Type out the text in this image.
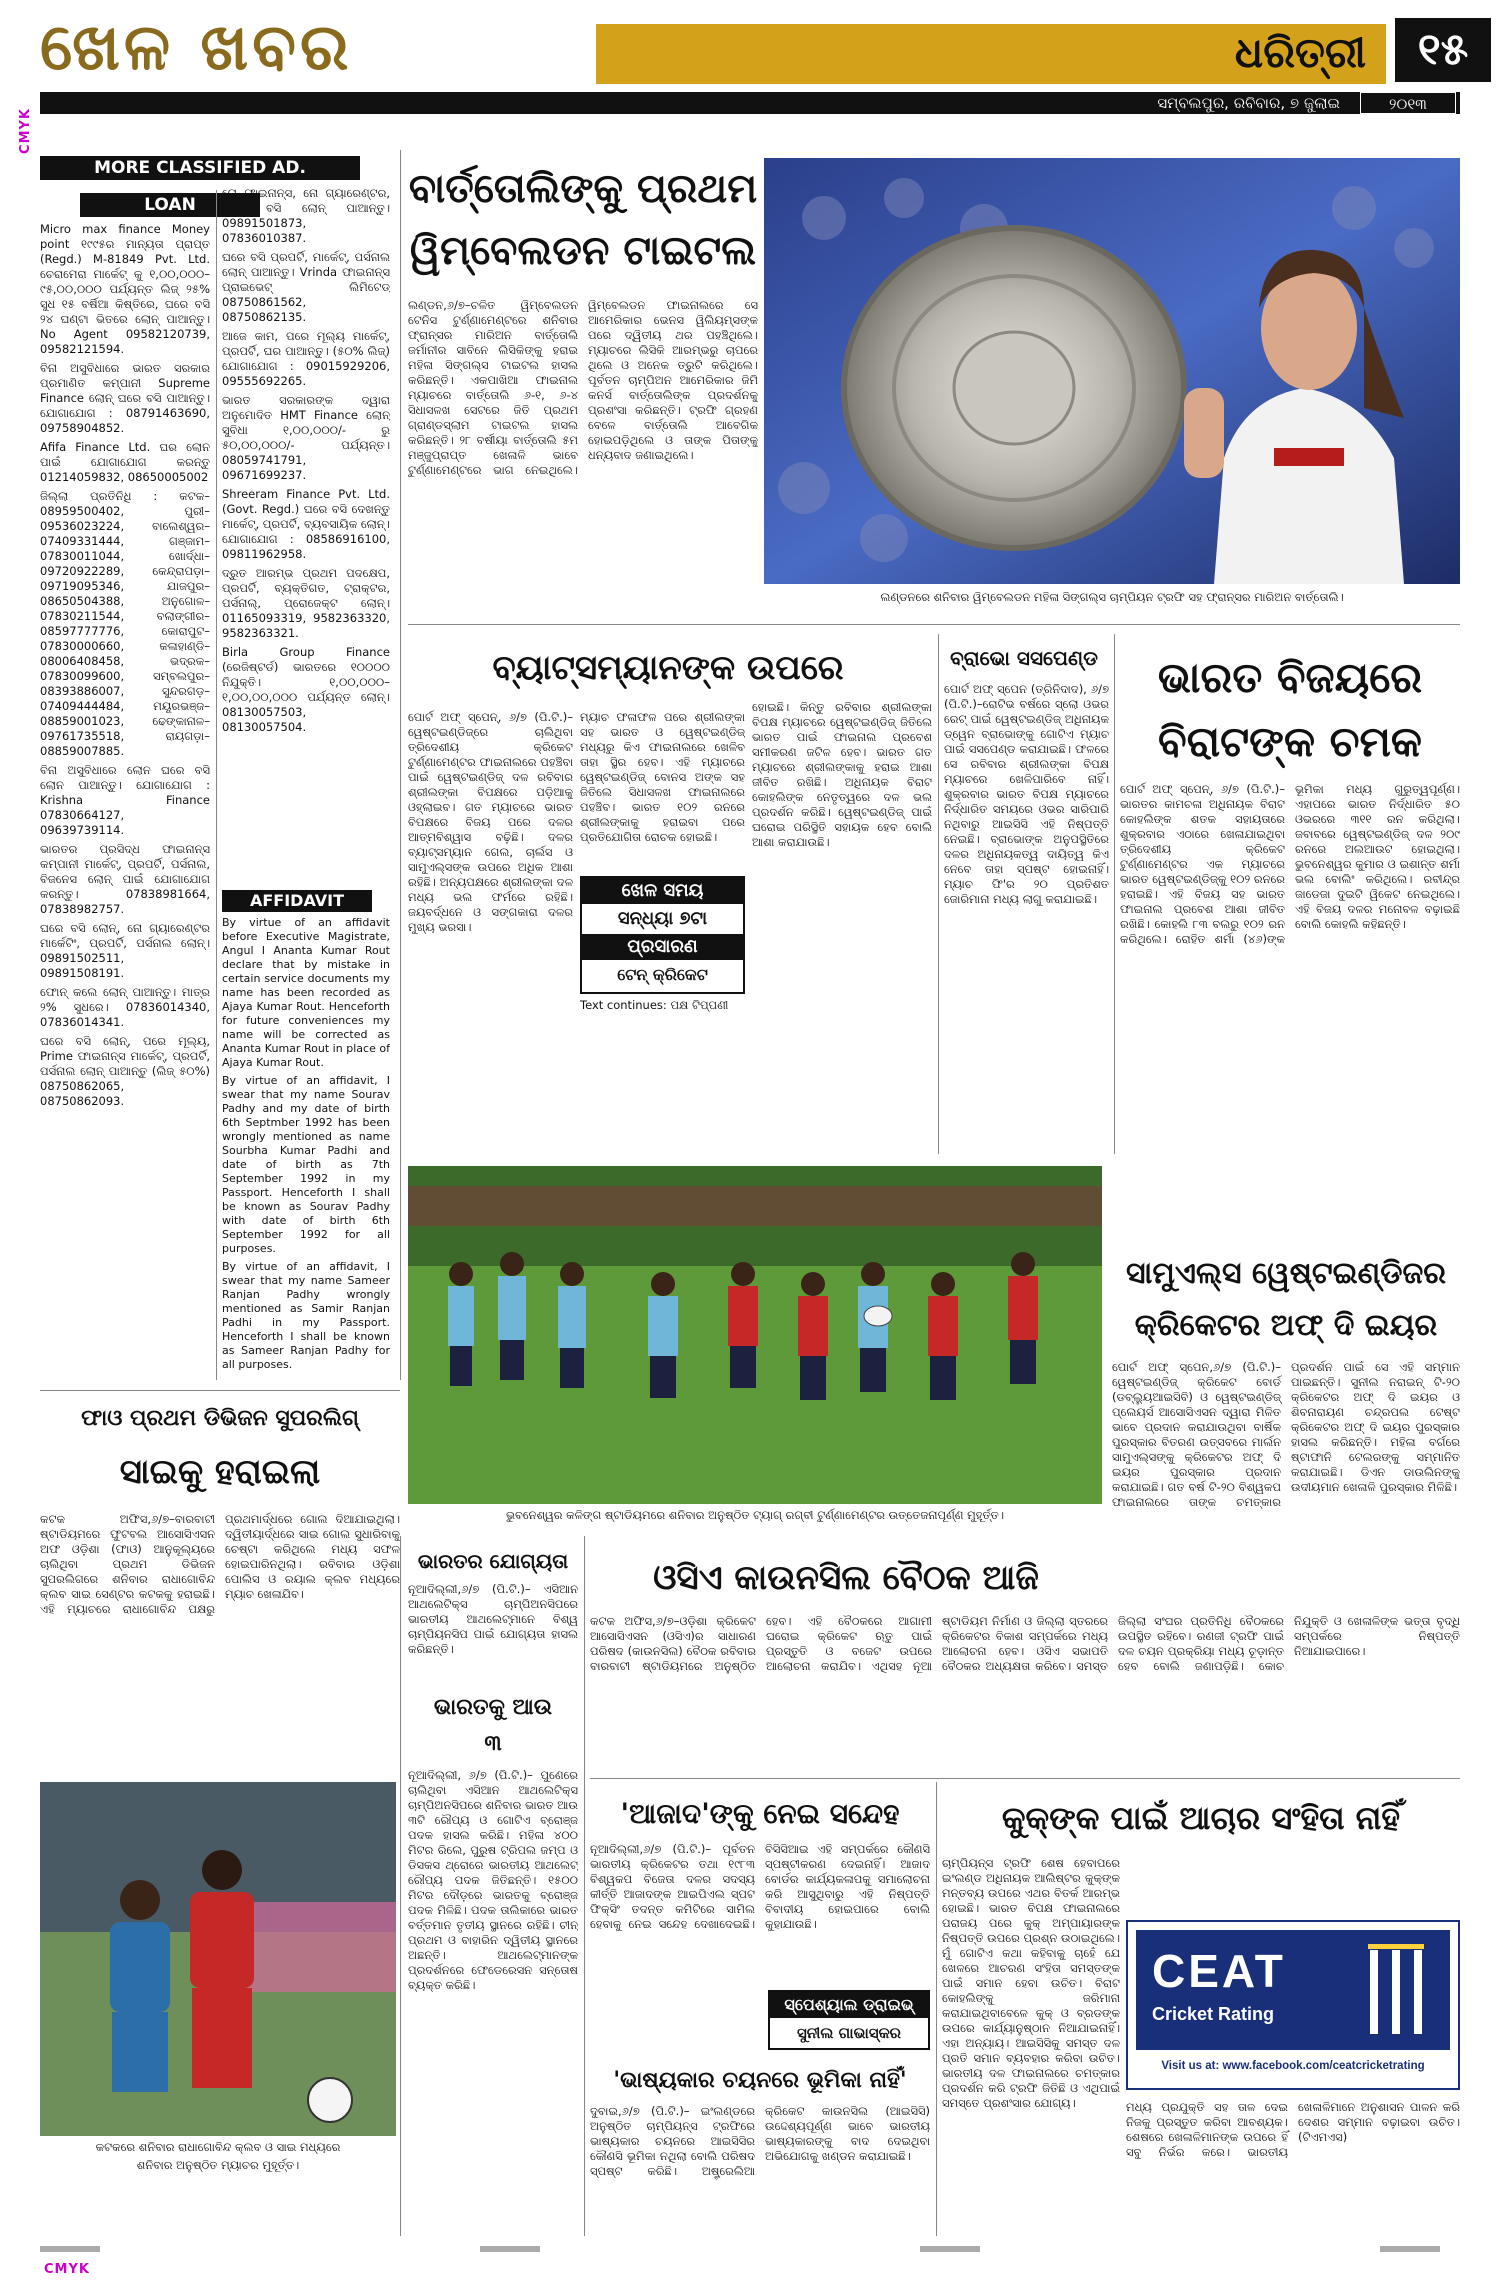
CMYK
ଖେଳ ଖବର	ଧରିତ୍ରୀ	୧୫
ସମ୍ବଲପୁର, ରବିବାର, ୭ ଜୁଲାଇ	୨୦୧୩
MORE CLASSIFIED AD.
LOAN

Micro max finance Money point ୧୯୯୫ର ମାନ୍ୟତା ପ୍ରାପ୍ତ (Regd.) M-81849 Pvt. Ltd. ଚେରାମେରା ମାର୍କେଟ୍ କୁ ୧,୦୦,୦୦୦– ୯୫,୦୦,୦୦୦ ପର୍ଯ୍ୟନ୍ତ ଲିଜ୍ ୨୫% ସୁଧ ୧୫ ବର୍ଷିଆ କିଷ୍ତିରେ, ଘରେ ବସି ୨୪ ଘଣ୍ଟା ଭିତରେ ଲୋନ୍ ପାଆନ୍ତୁ। No Agent 09582120739, 09582121594.

ବିନା ଅସୁବିଧାରେ ଭାରତ ସରକାର ପ୍ରମାଣିତ କମ୍ପାନୀ Supreme Finance ଲୋନ୍ ଘରେ ବସି ପାଆନ୍ତୁ। ଯୋଗାଯୋଗ : 08791463690, 09758904852.

Afifa Finance Ltd. ଘର ଲୋନ ପାଇଁ ଯୋଗାଯୋଗ କରନ୍ତୁ 01214059832, 08650005002

ଜିଲ୍ଲା ପ୍ରତିନିଧି : କଟକ–08959500402, ପୁରୀ–09536023224, ବାଲେଶ୍ୱର–07409331444, ଗଞ୍ଜାମ–07830011044, ଖୋର୍ଦ୍ଧା–09720922289, କେନ୍ଦ୍ରାପଡ଼ା–09719095346, ଯାଜପୁର–08650504388, ଅନୁଗୋଳ–07830211544, ବଲାଙ୍ଗୀର–08597777776, କୋରାପୁଟ–07830000660, କଳାହାଣ୍ଡି–08006408458, ଭଦ୍ରକ–07830099600, ସମ୍ବଲପୁର–08393886007, ସୁନ୍ଦରଗଡ଼–07409444484, ମୟୂରଭଞ୍ଜ–08859001023, ଢେଙ୍କାନାଳ–09761735518, ରାୟଗଡ଼ା–08859007885.

ବିନା ଅସୁବିଧାରେ ଲୋନ ଘରେ ବସି ଲୋନ ପାଆନ୍ତୁ। ଯୋଗାଯୋଗ : Krishna Finance 07830664127, 09639739114.

ଭାରତର ପ୍ରସିଦ୍ଧ ଫାଇନାନ୍ସ କମ୍ପାନୀ ମାର୍କେଟ୍, ପ୍ରପର୍ଟି, ପର୍ସନାଲ, ବିଜନେସ ଲୋନ୍ ପାଇଁ ଯୋଗାଯୋଗ କରନ୍ତୁ। 07838981664, 07838982757.

ଘରେ ବସି ଲୋନ୍, ନୋ ଗ୍ୟାରେଣ୍ଟର ମାର୍କେଟିଂ, ପ୍ରପର୍ଟି, ପର୍ସନାଲ ଲୋନ୍। 09891502511, 09891508191.

ଫୋନ୍ କଲେ ଲୋନ୍ ପାଆନ୍ତୁ। ମାତ୍ର ୨% ସୁଧରେ। 07836014340, 07836014341.

ଘରେ ବସି ଲୋନ୍, ପରେ ମୂଲ୍ୟ, Prime ଫାଇନାନ୍ସ ମାର୍କେଟ୍, ପ୍ରପର୍ଟି, ପର୍ସନାଲ ଲୋନ୍ ପାଆନ୍ତୁ (ଲିଜ୍ ୫୦%) 08750862065, 08750862093.

ନୋ ଫାଇନାନ୍ସ, ନୋ ଗ୍ୟାରେଣ୍ଟର, ଘରେ ବସି ଲୋନ୍ ପାଆନ୍ତୁ। 09891501873, 07836010387.

ଘରେ ବସି ପ୍ରପର୍ଟି, ମାର୍କେଟ୍, ପର୍ସନାଲ ଲୋନ୍ ପାଆନ୍ତୁ। Vrinda ଫାଇନାନ୍ସ ପ୍ରାଇଭେଟ୍ ଲିମିଟେଡ୍ 08750861562, 08750862135.

ଆଜେ କାମ, ପରେ ମୂଲ୍ୟ ମାର୍କେଟ୍, ପ୍ରପର୍ଟି, ଘର ପାଆନ୍ତୁ। (୫୦% ଲିଜ୍) ଯୋଗାଯୋଗ : 09015929206, 09555692265.

ଭାରତ ସରକାରଙ୍କ ଦ୍ୱାରା ଅନୁମୋଦିତ HMT Finance ଲୋନ୍ ସୁବିଧା ୧,୦୦,୦୦୦/- ରୁ ୫୦,୦୦,୦୦୦/- ପର୍ଯ୍ୟନ୍ତ। 08059741791, 09671699237.

Shreeram Finance Pvt. Ltd. (Govt. Regd.) ଘରେ ବସି ଦେଖନ୍ତୁ ମାର୍କେଟ୍, ପ୍ରପର୍ଟି, ବ୍ୟବସାୟିକ ଲୋନ୍। ଯୋଗାଯୋଗ : 08586916100, 09811962958.

ଦ୍ରୁତ ଆରମ୍ଭ ପ୍ରଥମ ପଦକ୍ଷେପ, ପ୍ରପର୍ଟି, ବ୍ୟକ୍ତିଗତ, ଟ୍ରାକ୍ଟର, ପର୍ସନାଲ୍, ପ୍ରୋଜେକ୍ଟ ଲୋନ୍। 01165093319, 9582363320, 9582363321.

Birla Group Finance (ରେଜିଷ୍ଟର୍ଡ) ଭାରତରେ ୧୦୦୦୦ ନିଯୁକ୍ତି। ୧,୦୦,୦୦୦–୧,୦୦,୦୦,୦୦୦ ପର୍ଯ୍ୟନ୍ତ ଲୋନ୍। 08130057503, 08130057504.

AFFIDAVIT

By virtue of an affidavit before Executive Magistrate, Angul I Ananta Kumar Rout declare that by mistake in certain service documents my name has been recorded as Ajaya Kumar Rout. Henceforth for future conveniences my name will be corrected as Ananta Kumar Rout in place of Ajaya Kumar Rout.

By virtue of an affidavit, I swear that my name Sourav Padhy and my date of birth 6th Septmber 1992 has been wrongly mentioned as name Sourbha Kumar Padhi and date of birth as 7th September 1992 in my Passport. Henceforth I shall be known as Sourav Padhy with date of birth 6th September 1992 for all purposes.

By virtue of an affidavit, I swear that my name Sameer Ranjan Padhy wrongly mentioned as Samir Ranjan Padhi in my Passport. Henceforth I shall be known as Sameer Ranjan Padhy for all purposes.

ବାର୍ତ୍ତୋଲିଙ୍କୁ ପ୍ରଥମ
ୱିମ୍ବେଲଡନ ଟାଇଟଲ
ଲଣ୍ଡନ,୬/୭–ଚଳିତ ୱିମ୍ବେଲଡନ ଟେନିସ ଟୁର୍ଣ୍ଣାମେଣ୍ଟରେ ଶନିବାର ଫ୍ରାନ୍ସର ମାରିଅନ ବାର୍ତ୍ତୋଲି ଜର୍ମାନୀର ସାବିନେ ଲିସିକିଙ୍କୁ ହରାଇ ମହିଳା ସିଙ୍ଗଲ୍ସ ଟାଇଟଲ ହାସଲ କରିଛନ୍ତି। ଏକପାଖିଆ ଫାଇନାଲ ମ୍ୟାଚରେ ବାର୍ତ୍ତୋଲି ୬-୧, ୬-୪ ସିଧାସଳଖ ସେଟରେ ଜିତି ପ୍ରଥମ ଗ୍ରାଣ୍ଡସ୍ଲାମ ଟାଇଟଲ ହାସଲ କରିଛନ୍ତି। ୨୮ ବର୍ଷୀୟା ବାର୍ତ୍ତୋଲି ୫ମ ମଞ୍ଜୁପ୍ରାପ୍ତ ଖେଳାଳି ଭାବେ ଟୁର୍ଣ୍ଣାମେଣ୍ଟରେ ଭାଗ ନେଇଥିଲେ। ୱିମ୍ବେଲଡନ ଫାଇନାଲରେ ସେ ଆମେରିକାର ଭେନସ ୱିଲିୟମ୍ସଙ୍କ ପରେ ଦ୍ୱିତୀୟ ଥର ପହଞ୍ଚିଥିଲେ। ମ୍ୟାଚରେ ଲିସିକି ଆରମ୍ଭରୁ ଚାପରେ ଥିଲେ ଓ ଅନେକ ତ୍ରୁଟି କରିଥିଲେ। ପୂର୍ବତନ ଚାମ୍ପିଅନ ଆମେରିକାର ଜିମି କନର୍ସ ବାର୍ତ୍ତୋଲିଙ୍କ ପ୍ରଦର୍ଶନକୁ ପ୍ରଶଂସା କରିଛନ୍ତି। ଟ୍ରଫି ଗ୍ରହଣ ବେଳେ ବାର୍ତ୍ତୋଲି ଆବେଗିକ ହୋଇପଡ଼ିଥିଲେ ଓ ତାଙ୍କ ପିତାଙ୍କୁ ଧନ୍ୟବାଦ ଜଣାଇଥିଲେ।
ଲଣ୍ଡନରେ ଶନିବାର ୱିମ୍ବେଲଡନ ମହିଳା ସିଙ୍ଗଲ୍ସ ଚାମ୍ପିୟନ ଟ୍ରଫି ସହ ଫ୍ରାନ୍ସର ମାରିଅନ ବାର୍ତ୍ତୋଲି।
ବ୍ୟାଟ୍ସମ୍ୟାନଙ୍କ ଉପରେ
ପୋର୍ଟ ଅଫ୍ ସ୍ପେନ୍, ୬/୭ (ପି.ଟି.)– ୱେଷ୍ଟଇଣ୍ଡିଜ୍‌ରେ ଚାଲିଥିବା ତ୍ରିଦେଶୀୟ କ୍ରିକେଟ ଟୁର୍ଣ୍ଣାମେଣ୍ଟର ଫାଇନାଲରେ ପହଞ୍ଚିବା ପାଇଁ ୱେଷ୍ଟଇଣ୍ଡିଜ୍ ଦଳ ରବିବାର ଶ୍ରୀଲଙ୍କା ବିପକ୍ଷରେ ପଡ଼ିଆକୁ ଓହ୍ଲାଇବ। ଗତ ମ୍ୟାଚରେ ଭାରତ ବିପକ୍ଷରେ ବିଜୟ ପରେ ଦଳର ଆତ୍ମବିଶ୍ୱାସ ବଢ଼ିଛି। ଦଳର ବ୍ୟାଟ୍ସମ୍ୟାନ ଗେଲ, ଚାର୍ଲସ ଓ ସାମୁଏଲ୍ସଙ୍କ ଉପରେ ଅଧିକ ଆଶା ରହିଛି। ଅନ୍ୟପକ୍ଷରେ ଶ୍ରୀଲଙ୍କା ଦଳ ମଧ୍ୟ ଭଲ ଫର୍ମରେ ରହିଛି। ଜୟବର୍ଦ୍ଧନେ ଓ ସଙ୍ଗକାରା ଦଳର ମୁଖ୍ୟ ଭରସା।
ମ୍ୟାଚ ଫଳାଫଳ ପରେ ଶ୍ରୀଲଙ୍କା ସହ ଭାରତ ଓ ୱେଷ୍ଟଇଣ୍ଡିଜ୍ ମଧ୍ୟରୁ କିଏ ଫାଇନାଲରେ ଖେଳିବ ତାହା ସ୍ଥିର ହେବ। ଏହି ମ୍ୟାଚରେ ୱେଷ୍ଟଇଣ୍ଡିଜ୍ ବୋନସ ଅଙ୍କ ସହ ଜିତିଲେ ସିଧାସଳଖ ଫାଇନାଲରେ ପହଞ୍ଚିବ। ଭାରତ ୧୦୨ ରନରେ ଶ୍ରୀଲଙ୍କାକୁ ହରାଇବା ପରେ ପ୍ରତିଯୋଗିତା ରୋଚକ ହୋଇଛି।
ଖେଳ ସମୟ
ସନ୍ଧ୍ୟା ୭ଟା
ପ୍ରସାରଣ
ଟେନ୍ କ୍ରିକେଟ
Text continues: ପକ୍ଷ ଟିପ୍ପଣୀ
ହୋଇଛି। କିନ୍ତୁ ରବିବାର ଶ୍ରୀଲଙ୍କା ବିପକ୍ଷ ମ୍ୟାଚରେ ୱେଷ୍ଟଇଣ୍ଡିଜ୍ ଜିତିଲେ ଭାରତ ପାଇଁ ଫାଇନାଲ ପ୍ରବେଶ ସମୀକରଣ ଜଟିଳ ହେବ। ଭାରତ ଗତ ମ୍ୟାଚରେ ଶ୍ରୀଲଙ୍କାକୁ ହରାଇ ଆଶା ଜୀବିତ ରଖିଛି। ଅଧିନାୟକ ବିରାଟ କୋହଲିଙ୍କ ନେତୃତ୍ୱରେ ଦଳ ଭଲ ପ୍ରଦର୍ଶନ କରିଛି। ୱେଷ୍ଟଇଣ୍ଡିଜ୍ ପାଇଁ ଘରୋଇ ପରିସ୍ଥିତି ସହାୟକ ହେବ ବୋଲି ଆଶା କରାଯାଉଛି।
ବ୍ରାଭୋ ସସପେଣ୍ଡ
ପୋର୍ଟ ଅଫ୍ ସ୍ପେନ (ତ୍ରିନିଦାଦ), ୬/୭ (ପି.ଟି.)–ରୋଟିଭ ବର୍ଷରେ ସ୍ଲୋ ଓଭର ରେଟ୍ ପାଇଁ ୱେଷ୍ଟଇଣ୍ଡିଜ୍ ଅଧିନାୟକ ଡ୍ୱେନ ବ୍ରାଭୋଙ୍କୁ ଗୋଟିଏ ମ୍ୟାଚ ପାଇଁ ସସପେଣ୍ଡ କରାଯାଇଛି। ଫଳରେ ସେ ରବିବାର ଶ୍ରୀଲଙ୍କା ବିପକ୍ଷ ମ୍ୟାଚରେ ଖେଳିପାରିବେ ନାହିଁ। ଶୁକ୍ରବାର ଭାରତ ବିପକ୍ଷ ମ୍ୟାଚରେ ନିର୍ଦ୍ଧାରିତ ସମୟରେ ଓଭର ସାରିପାରି ନଥିବାରୁ ଆଇସିସି ଏହି ନିଷ୍ପତ୍ତି ନେଇଛି। ବ୍ରାଭୋଙ୍କ ଅନୁପସ୍ଥିତିରେ ଦଳର ଅଧିନାୟକତ୍ୱ ଦାୟିତ୍ୱ କିଏ ନେବେ ତାହା ସ୍ପଷ୍ଟ ହୋଇନାହିଁ। ମ୍ୟାଚ ଫି'ର ୨୦ ପ୍ରତିଶତ ଜୋରିମାନା ମଧ୍ୟ ଲାଗୁ କରାଯାଇଛି।
ଭାରତ ବିଜୟରେ
ବିରାଟଙ୍କ ଚମକ
ପୋର୍ଟ ଅଫ୍ ସ୍ପେନ୍, ୬/୭ (ପି.ଟି.)– ଭାରତର କାମଚଳା ଅଧିନାୟକ ବିରାଟ କୋହଲିଙ୍କ ଶତକ ସହାୟତାରେ ଶୁକ୍ରବାର ଏଠାରେ ଖେଳାଯାଇଥିବା ତ୍ରିଦେଶୀୟ କ୍ରିକେଟ ଟୁର୍ଣ୍ଣାମେଣ୍ଟର ଏକ ମ୍ୟାଚରେ ଭାରତ ୱେଷ୍ଟଇଣ୍ଡିଜ୍‌କୁ ୧୦୨ ରନରେ ହରାଇଛି। ଏହି ବିଜୟ ସହ ଭାରତ ଫାଇନାଲ ପ୍ରବେଶ ଆଶା ଜୀବିତ ରଖିଛି। କୋହଲି ୮୩ ବଲରୁ ୧୦୨ ରନ କରିଥିଲେ। ରୋହିତ ଶର୍ମା (୪୬)ଙ୍କ ଭୂମିକା ମଧ୍ୟ ଗୁରୁତ୍ୱପୂର୍ଣ୍ଣ। ଏହାପରେ ଭାରତ ନିର୍ଦ୍ଧାରିତ ୫୦ ଓଭରରେ ୩୧୧ ରନ କରିଥିଲା। ଜବାବରେ ୱେଷ୍ଟଇଣ୍ଡିଜ୍ ଦଳ ୨୦୯ ରନରେ ଅଲଆଉଟ ହୋଇଥିଲା। ଭୁବନେଶ୍ୱର କୁମାର ଓ ଇଶାନ୍ତ ଶର୍ମା ଭଲ ବୋଲିଂ କରିଥିଲେ। ରବୀନ୍ଦ୍ର ଜାଡେଜା ଦୁଇଟି ୱିକେଟ ନେଇଥିଲେ। ଏହି ବିଜୟ ଦଳର ମନୋବଳ ବଢ଼ାଇଛି ବୋଲି କୋହଲି କହିଛନ୍ତି।
ଭୁବନେଶ୍ୱର କଳିଙ୍ଗ ଷ୍ଟାଡିୟମରେ ଶନିବାର ଅନୁଷ୍ଠିତ ଟ୍ୟାଗ୍ ରଗ୍‌ବୀ ଟୁର୍ଣ୍ଣାମେଣ୍ଟର ଉତ୍ତେଜନାପୂର୍ଣ୍ଣ ମୁହୂର୍ତ୍ତ।
ସାମୁଏଲ୍ସ ୱେଷ୍ଟଇଣ୍ଡିଜର
କ୍ରିକେଟର ଅଫ୍ ଦି ଇୟର
ପୋର୍ଟ ଅଫ୍ ସ୍ପେନ,୬/୭ (ପି.ଟି.)–ୱେଷ୍ଟଇଣ୍ଡିଜ୍ କ୍ରିକେଟ ବୋର୍ଡ (ଡବ୍ଲ୍ୟୁଆଇସିବି) ଓ ୱେଷ୍ଟଇଣ୍ଡିଜ୍ ପ୍ଲେୟର୍ସ ଆସୋସିଏସନ ଦ୍ୱାରା ମିଳିତ ଭାବେ ପ୍ରଦାନ କରାଯାଉଥିବା ବାର୍ଷିକ ପୁରସ୍କାର ବିତରଣ ଉତ୍ସବରେ ମାର୍ଲନ ସାମୁଏଲ୍ସଙ୍କୁ କ୍ରିକେଟର ଅଫ୍ ଦି ଇୟର ପୁରସ୍କାର ପ୍ରଦାନ କରାଯାଇଛି। ଗତ ବର୍ଷ ଟି-୨୦ ବିଶ୍ୱକପ ଫାଇନାଲରେ ତାଙ୍କ ଚମତ୍କାର ପ୍ରଦର୍ଶନ ପାଇଁ ସେ ଏହି ସମ୍ମାନ ପାଇଛନ୍ତି। ସୁନୀଲ ନରାଇନ୍ ଟି-୨୦ କ୍ରିକେଟର ଅଫ୍ ଦି ଇୟର ଓ ଶିବନାରାୟଣ ଚନ୍ଦ୍ରପଲ ଟେଷ୍ଟ କ୍ରିକେଟର ଅଫ୍ ଦି ଇୟର ପୁରସ୍କାର ହାସଲ କରିଛନ୍ତି। ମହିଳା ବର୍ଗରେ ଷ୍ଟାଫାନି ଟେଲରଙ୍କୁ ସମ୍ମାନିତ କରାଯାଇଛି। ଡିଏନ ଡାଉଲିନଙ୍କୁ ଉଦୀୟମାନ ଖେଳାଳି ପୁରସ୍କାର ମିଳିଛି।
ଫାଓ ପ୍ରଥମ ଡିଭିଜନ ସୁପରଲିଗ୍
ସାଇକୁ ହରାଇଲା
କଟକ ଅଫିସ,୬/୭–ବାରବାଟୀ ଷ୍ଟାଡିୟମରେ ଫୁଟବଲ ଆସୋସିଏସନ ଅଫ ଓଡ଼ିଶା (ଫାଓ) ଆନୁକୂଲ୍ୟରେ ଚାଲିଥିବା ପ୍ରଥମ ଡିଭିଜନ ସୁପରଲିଗରେ ଶନିବାର ରାଧାଗୋବିନ୍ଦ କ୍ଲବ ସାଇ ସେଣ୍ଟର କଟକକୁ ହରାଇଛି। ଏହି ମ୍ୟାଚରେ ରାଧାଗୋବିନ୍ଦ ପକ୍ଷରୁ ପ୍ରଥମାର୍ଦ୍ଧରେ ଗୋଲ ଦିଆଯାଇଥିଲା। ଦ୍ୱିତୀୟାର୍ଦ୍ଧରେ ସାଇ ଗୋଲ ସୁଧାରିବାକୁ ଚେଷ୍ଟା କରିଥିଲେ ମଧ୍ୟ ସଫଳ ହୋଇପାରିନଥିଲା। ରବିବାର ଓଡ଼ିଶା ପୋଲିସ ଓ ରୟାଲ କ୍ଲବ ମଧ୍ୟରେ ମ୍ୟାଚ ଖେଳାଯିବ।
କଟକରେ ଶନିବାର ରାଧାଗୋବିନ୍ଦ କ୍ଲବ ଓ ସାଇ ମଧ୍ୟରେ
ଶନିବାର ଅନୁଷ୍ଠିତ ମ୍ୟାଚର ମୁହୂର୍ତ୍ତ।
ଭାରତର ଯୋଗ୍ୟତା
ନୂଆଦିଲ୍ଲୀ,୬/୭ (ପି.ଟି.)– ଏସିଆନ ଆଥଲେଟିକ୍ସ ଚାମ୍ପିଅନସିପରେ ଭାରତୀୟ ଆଥଲେଟ୍‌ମାନେ ବିଶ୍ୱ ଚାମ୍ପିୟନସିପ ପାଇଁ ଯୋଗ୍ୟତା ହାସଲ କରିଛନ୍ତି।
ଭାରତକୁ ଆଉ
୩
ନୂଆଦିଲ୍ଲୀ, ୬/୭ (ପି.ଟି.)– ପୁଣେରେ ଚାଲିଥିବା ଏସିଆନ ଆଥଲେଟିକ୍ସ ଚାମ୍ପିଅନସିପରେ ଶନିବାର ଭାରତ ଆଉ ୩ଟି ରୌପ୍ୟ ଓ ଗୋଟିଏ ବ୍ରୋଞ୍ଜ ପଦକ ହାସଲ କରିଛି। ମହିଳା ୪୦୦ ମିଟର ରିଲେ, ପୁରୁଷ ଟ୍ରିପଲ ଜମ୍ପ ଓ ଡିସକସ ଥ୍ରୋରେ ଭାରତୀୟ ଆଥଲେଟ୍ ରୌପ୍ୟ ପଦକ ଜିତିଛନ୍ତି। ୧୫୦୦ ମିଟର ଦୌଡ଼ରେ ଭାରତକୁ ବ୍ରୋଞ୍ଜ ପଦକ ମିଳିଛି। ପଦକ ତାଲିକାରେ ଭାରତ ବର୍ତ୍ତମାନ ତୃତୀୟ ସ୍ଥାନରେ ରହିଛି। ଚୀନ୍ ପ୍ରଥମ ଓ ବାହାରିନ ଦ୍ୱିତୀୟ ସ୍ଥାନରେ ଅଛନ୍ତି। ଆଥଲେଟ୍‌ମାନଙ୍କ ପ୍ରଦର୍ଶନରେ ଫେଡେରେସନ ସନ୍ତୋଷ ବ୍ୟକ୍ତ କରିଛି।
ଓସିଏ କାଉନସିଲ ବୈଠକ ଆଜି
କଟକ ଅଫିସ,୬/୭–ଓଡ଼ିଶା କ୍ରିକେଟ ଆସୋସିଏସନ (ଓସିଏ)ର ସାଧାରଣ ପରିଷଦ (କାଉନସିଲ) ବୈଠକ ରବିବାର ବାରବାଟୀ ଷ୍ଟାଡିୟମରେ ଅନୁଷ୍ଠିତ ହେବ। ଏହି ବୈଠକରେ ଆଗାମୀ ଘରୋଇ କ୍ରିକେଟ ଋତୁ ପାଇଁ ପ୍ରସ୍ତୁତି ଓ ବଜେଟ ଉପରେ ଆଲୋଚନା କରାଯିବ। ଏଥିସହ ନୂଆ ଷ୍ଟାଡିୟମ ନିର୍ମାଣ ଓ ଜିଲ୍ଲା ସ୍ତରରେ କ୍ରିକେଟର ବିକାଶ ସମ୍ପର୍କରେ ମଧ୍ୟ ଆଲୋଚନା ହେବ। ଓସିଏ ସଭାପତି ବୈଠକର ଅଧ୍ୟକ୍ଷତା କରିବେ। ସମସ୍ତ ଜିଲ୍ଲା ସଂଘର ପ୍ରତିନିଧି ବୈଠକରେ ଉପସ୍ଥିତ ରହିବେ। ରଣଜୀ ଟ୍ରଫି ପାଇଁ ଦଳ ଚୟନ ପ୍ରକ୍ରିୟା ମଧ୍ୟ ଚୂଡ଼ାନ୍ତ ହେବ ବୋଲି ଜଣାପଡ଼ିଛି। କୋଚ ନିଯୁକ୍ତି ଓ ଖେଳାଳିଙ୍କ ଭତ୍ତା ବୃଦ୍ଧି ସମ୍ପର୍କରେ ନିଷ୍ପତ୍ତି ନିଆଯାଇପାରେ।
'ଆଜାଦ'ଙ୍କୁ ନେଇ ସନ୍ଦେହ
ନୂଆଦିଲ୍ଲୀ,୬/୭ (ପି.ଟି.)– ପୂର୍ବତନ ଭାରତୀୟ କ୍ରିକେଟର ତଥା ୧୯୮୩ ବିଶ୍ୱକପ ବିଜେତା ଦଳର ସଦସ୍ୟ କୀର୍ତ୍ତି ଆଜାଦଙ୍କ ଆଇପିଏଲ ସ୍ପଟ ଫିକ୍ସିଂ ତଦନ୍ତ କମିଟିରେ ସାମିଲ ହେବାକୁ ନେଇ ସନ୍ଦେହ ଦେଖାଦେଇଛି। ବିସିସିଆଇ ଏହି ସମ୍ପର୍କରେ କୌଣସି ସ୍ପଷ୍ଟୀକରଣ ଦେଇନାହିଁ। ଆଜାଦ ବୋର୍ଡର କାର୍ଯ୍ୟକଳାପକୁ ସମାଲୋଚନା କରି ଆସୁଥିବାରୁ ଏହି ନିଷ୍ପତ୍ତି ବିବାଦୀୟ ହୋଇପାରେ ବୋଲି କୁହାଯାଉଛି।
ସ୍ପେଶ୍ୟାଲ ଡ୍ରାଇଭ୍
ସୁନୀଲ ଗାଭାସ୍କର
'ଭାଷ୍ୟକାର ଚୟନରେ ଭୂମିକା ନାହିଁ'
ଦୁବାଇ,୬/୭ (ପି.ଟି.)– ଇଂଲଣ୍ଡରେ ଅନୁଷ୍ଠିତ ଚାମ୍ପିୟନ୍ସ ଟ୍ରଫିରେ ଭାଷ୍ୟକାର ଚୟନରେ ଆଇସିସିର କୌଣସି ଭୂମିକା ନଥିଲା ବୋଲି ପରିଷଦ ସ୍ପଷ୍ଟ କରିଛି। ଅଷ୍ଟ୍ରେଲିଆ କ୍ରିକେଟ କାଉନସିଲ (ଆଇସିସି) ଉଦ୍ଦେଶ୍ୟପୂର୍ଣ୍ଣ ଭାବେ ଭାରତୀୟ ଭାଷ୍ୟକାରଙ୍କୁ ବାଦ ଦେଇଥିବା ଅଭିଯୋଗକୁ ଖଣ୍ଡନ କରାଯାଇଛି।
କୁକ୍‌ଙ୍କ ପାଇଁ ଆଚାର ସଂହିତା ନାହିଁ
ଚାମ୍ପିୟନ୍ସ ଟ୍ରଫି ଶେଷ ହେବାପରେ ଇଂଲଣ୍ଡ ଅଧିନାୟକ ଆଲିଷ୍ଟର କୁକ୍‌ଙ୍କ ମନ୍ତବ୍ୟ ଉପରେ ଏଥର ବିତର୍କ ଆରମ୍ଭ ହୋଇଛି। ଭାରତ ବିପକ୍ଷ ଫାଇନାଲରେ ପରାଜୟ ପରେ କୁକ୍ ଅମ୍ପାୟାରଙ୍କ ନିଷ୍ପତ୍ତି ଉପରେ ପ୍ରଶ୍ନ ଉଠାଇଥିଲେ। ମୁଁ ଗୋଟିଏ କଥା କହିବାକୁ ଚାହେଁ ଯେ ଖେଳରେ ଆଚରଣ ସଂହିତା ସମସ୍ତଙ୍କ ପାଇଁ ସମାନ ହେବା ଉଚିତ। ବିରାଟ କୋହଲିଙ୍କୁ ଜରିମାନା କରାଯାଇଥିବାବେଳେ କୁକ୍ ଓ ବ୍ରଡଙ୍କ ଉପରେ କାର୍ଯ୍ୟାନୁଷ୍ଠାନ ନିଆଯାଇନାହିଁ। ଏହା ଅନ୍ୟାୟ। ଆଇସିସିକୁ ସମସ୍ତ ଦଳ ପ୍ରତି ସମାନ ବ୍ୟବହାର କରିବା ଉଚିତ। ଭାରତୀୟ ଦଳ ଫାଇନାଲରେ ଚମତ୍କାର ପ୍ରଦର୍ଶନ କରି ଟ୍ରଫି ଜିତିଛି ଓ ଏଥିପାଇଁ ସମସ୍ତେ ପ୍ରଶଂସାର ଯୋଗ୍ୟ।	ମଧ୍ୟ ପ୍ରଯୁକ୍ତି ସହ ତାଳ ଦେଇ ନିଜକୁ ପ୍ରସ୍ତୁତ କରିବା ଆବଶ୍ୟକ। ଶେଷରେ ଖେଳାଳିମାନଙ୍କ ଉପରେ ହିଁ ସବୁ ନିର୍ଭର କରେ। ଭାରତୀୟ ଖେଳାଳିମାନେ ଅନୁଶାସନ ପାଳନ କରି ଦେଶର ସମ୍ମାନ ବଢ଼ାଇବା ଉଚିତ। (ଟିଏମଏସ)
CEAT
Cricket Rating
Visit us at: www.facebook.com/ceatcricketrating
CMYK
